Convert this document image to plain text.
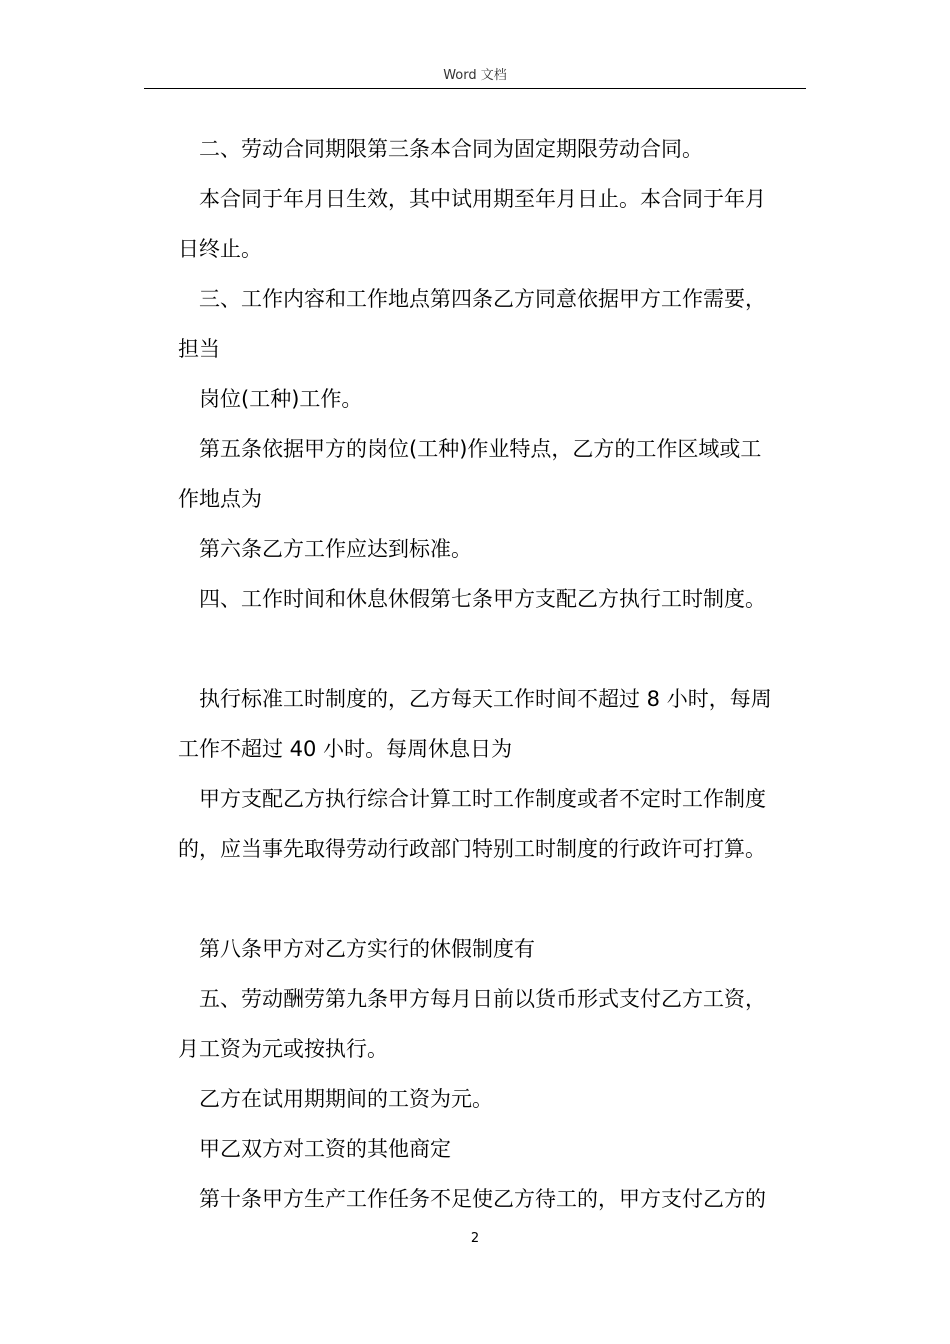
Word 文档

二、劳动合同期限第三条本合同为固定期限劳动合同。

本合同于年月日生效，其中试用期至年月日止。本合同于年月
日终止。

三、工作内容和工作地点第四条乙方同意依据甲方工作需要，
担当

岗位(工种)工作。

第五条依据甲方的岗位(工种)作业特点，乙方的工作区域或工
作地点为

第六条乙方工作应达到标准。

四、工作时间和休息休假第七条甲方支配乙方执行工时制度。

执行标准工时制度的，乙方每天工作时间不超过 8 小时，每周
工作不超过 40 小时。每周休息日为

甲方支配乙方执行综合计算工时工作制度或者不定时工作制度
的，应当事先取得劳动行政部门特别工时制度的行政许可打算。

第八条甲方对乙方实行的休假制度有

五、劳动酬劳第九条甲方每月日前以货币形式支付乙方工资，
月工资为元或按执行。

乙方在试用期期间的工资为元。

甲乙双方对工资的其他商定

第十条甲方生产工作任务不足使乙方待工的，甲方支付乙方的

2
